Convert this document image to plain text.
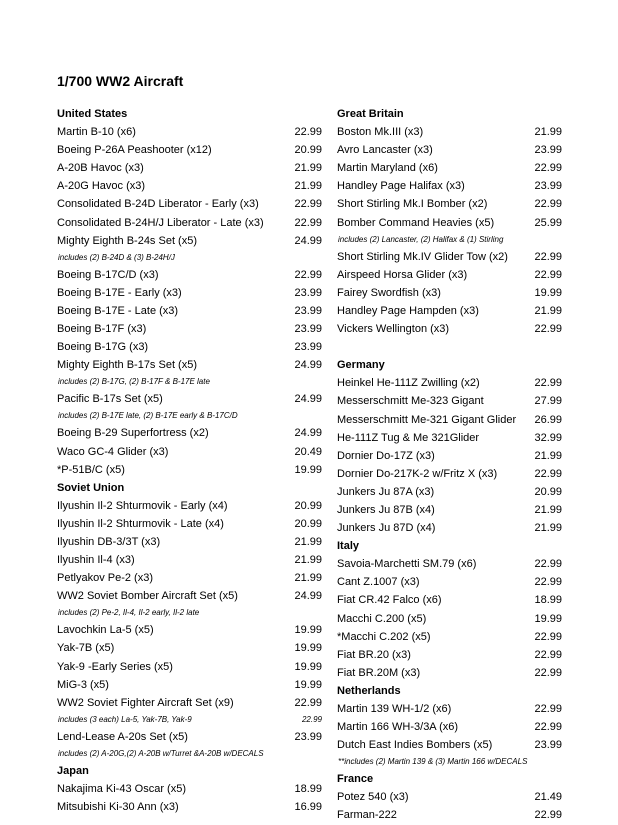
1/700 WW2 Aircraft
United States
Martin B-10 (x6)	22.99
Boeing P-26A Peashooter (x12)	20.99
A-20B Havoc (x3)	21.99
A-20G Havoc (x3)	21.99
Consolidated B-24D Liberator - Early (x3)	22.99
Consolidated B-24H/J Liberator - Late (x3)	22.99
Mighty Eighth B-24s Set (x5)	24.99
includes (2) B-24D & (3) B-24H/J
Boeing B-17C/D (x3)	22.99
Boeing B-17E - Early (x3)	23.99
Boeing B-17E - Late (x3)	23.99
Boeing B-17F (x3)	23.99
Boeing B-17G (x3)	23.99
Mighty Eighth B-17s Set (x5)	24.99
includes (2) B-17G, (2) B-17F & B-17E late
Pacific B-17s Set (x5)	24.99
includes (2) B-17E late, (2) B-17E early & B-17C/D
Boeing B-29 Superfortress (x2)	24.99
Waco GC-4 Glider (x3)	20.49
*P-51B/C (x5)	19.99
Soviet Union
Ilyushin Il-2 Shturmovik - Early (x4)	20.99
Ilyushin Il-2 Shturmovik - Late (x4)	20.99
Ilyushin DB-3/3T (x3)	21.99
Ilyushin Il-4 (x3)	21.99
Petlyakov Pe-2 (x3)	21.99
WW2 Soviet Bomber Aircraft Set (x5)	24.99
includes (2) Pe-2, Il-4, Il-2 early, Il-2 late
Lavochkin La-5 (x5)	19.99
Yak-7B (x5)	19.99
Yak-9 -Early Series (x5)	19.99
MiG-3 (x5)	19.99
WW2 Soviet Fighter Aircraft Set (x9)	22.99
includes (3 each) La-5, Yak-7B, Yak-9	22.99
Lend-Lease A-20s Set (x5)	23.99
includes (2) A-20G,(2) A-20B w/Turret &A-20B w/DECALS
Japan
Nakajima Ki-43 Oscar (x5)	18.99
Mitsubishi Ki-30 Ann (x3)	16.99
Great Britain
Boston Mk.III (x3)	21.99
Avro Lancaster (x3)	23.99
Martin Maryland (x6)	22.99
Handley Page Halifax (x3)	23.99
Short Stirling Mk.I Bomber (x2)	22.99
Bomber Command Heavies (x5)	25.99
includes (2) Lancaster, (2) Halifax & (1) Stirling
Short Stirling Mk.IV Glider Tow (x2) 22.99
Airspeed Horsa Glider (x3)	22.99
Fairey Swordfish (x3)	19.99
Handley Page Hampden (x3)	21.99
Vickers Wellington (x3)	22.99
Germany
Heinkel He-111Z Zwilling (x2)	22.99
Messerschmitt Me-323 Gigant	27.99
Messerschmitt Me-321 Gigant Glider 26.99
He-111Z Tug & Me 321Glider	32.99
Dornier Do-17Z (x3)	21.99
Dornier Do-217K-2 w/Fritz X (x3)	22.99
Junkers Ju 87A (x3)	20.99
Junkers Ju 87B (x4)	21.99
Junkers Ju 87D (x4)	21.99
Italy
Savoia-Marchetti SM.79 (x6)	22.99
Cant Z.1007 (x3)	22.99
Fiat CR.42 Falco (x6)	18.99
Macchi C.200 (x5)	19.99
*Macchi C.202 (x5)	22.99
Fiat BR.20 (x3)	22.99
Fiat BR.20M (x3)	22.99
Netherlands
Martin 139 WH-1/2 (x6)	22.99
Martin 166 WH-3/3A (x6)	22.99
Dutch East Indies Bombers (x5)	23.99
**includes (2) Martin 139 & (3) Martin 166 w/DECALS
France
Potez 540 (x3)	21.49
Farman-222	22.99
